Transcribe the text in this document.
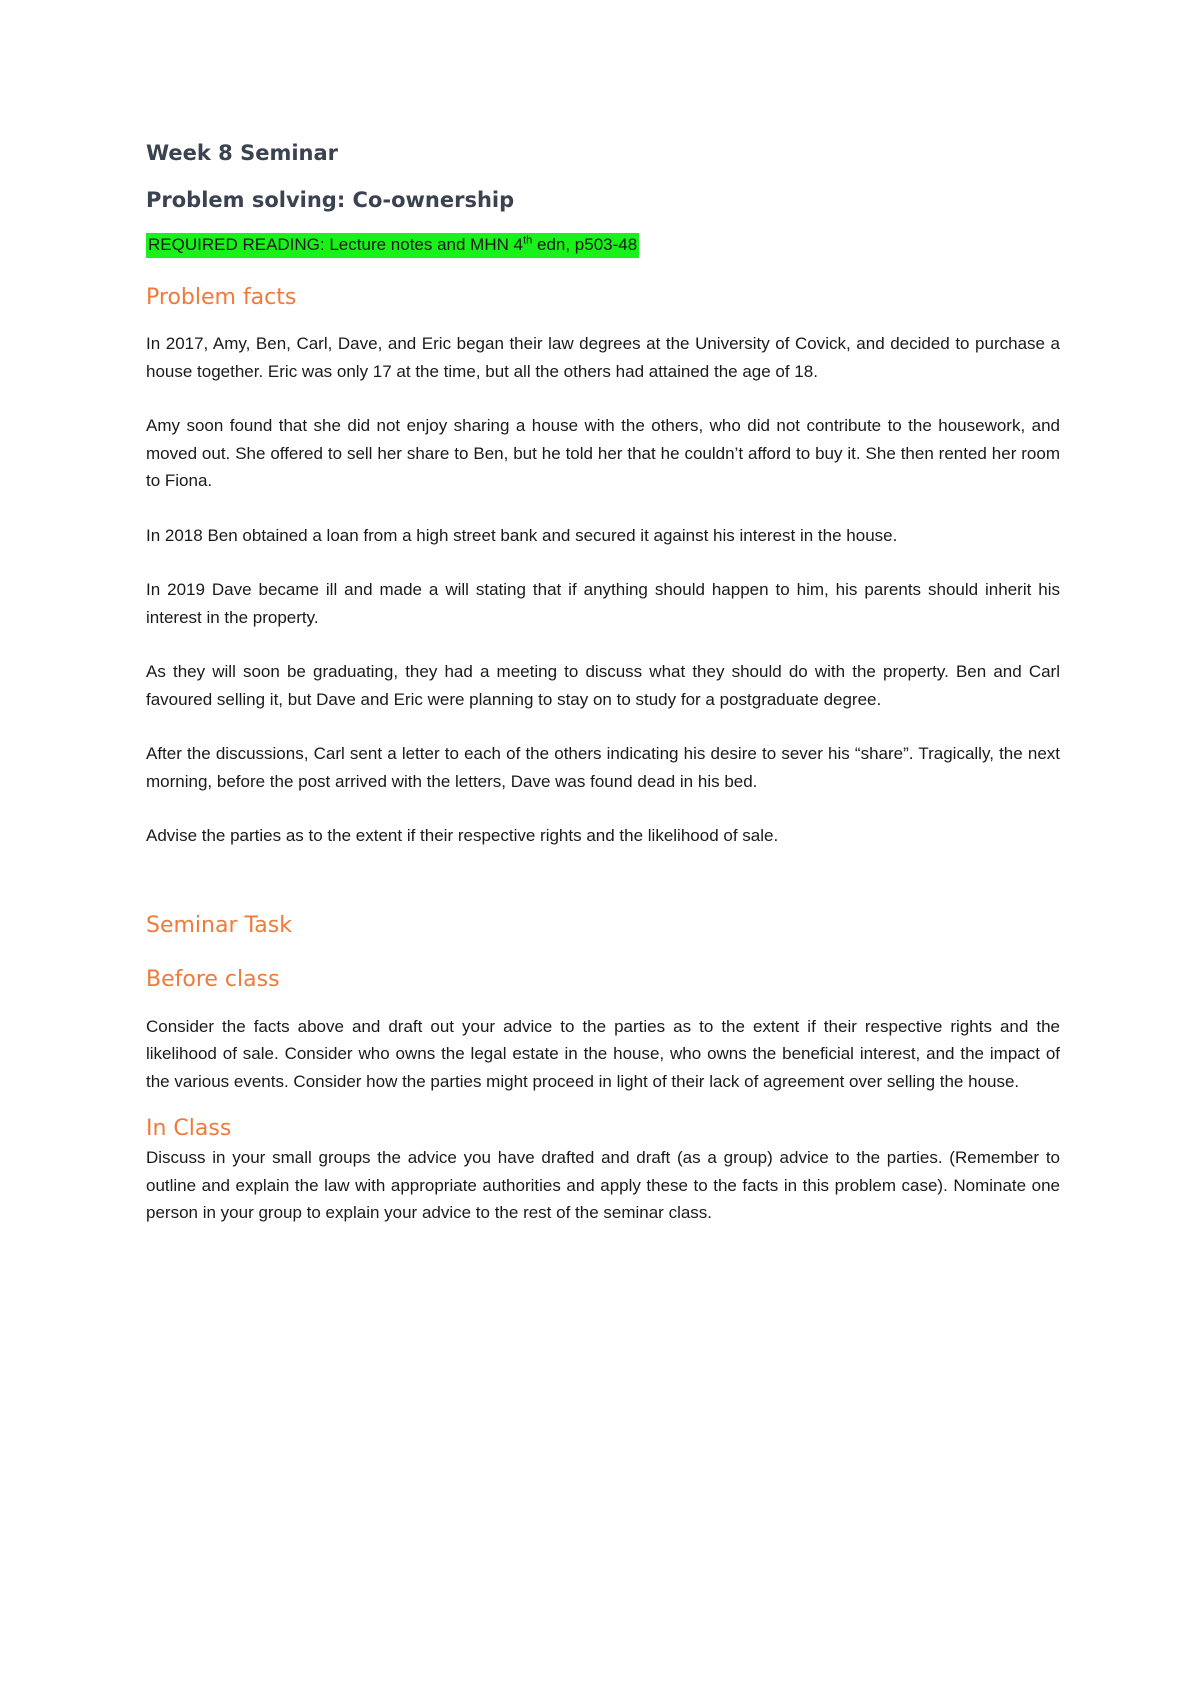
Week 8 Seminar
Problem solving: Co-ownership
REQUIRED READING: Lecture notes and MHN 4th edn, p503-48
Problem facts

In 2017, Amy, Ben, Carl, Dave, and Eric began their law degrees at the University of Covick, and decided to purchase a house together. Eric was only 17 at the time, but all the others had attained the age of 18.

Amy soon found that she did not enjoy sharing a house with the others, who did not contribute to the housework, and moved out. She offered to sell her share to Ben, but he told her that he couldn’t afford to buy it. She then rented her room to Fiona.

In 2018 Ben obtained a loan from a high street bank and secured it against his interest in the house.

In 2019 Dave became ill and made a will stating that if anything should happen to him, his parents should inherit his interest in the property.

As they will soon be graduating, they had a meeting to discuss what they should do with the property. Ben and Carl favoured selling it, but Dave and Eric were planning to stay on to study for a postgraduate degree.

After the discussions, Carl sent a letter to each of the others indicating his desire to sever his “share”. Tragically, the next morning, before the post arrived with the letters, Dave was found dead in his bed.

Advise the parties as to the extent if their respective rights and the likelihood of sale.

Seminar Task
Before class

Consider the facts above and draft out your advice to the parties as to the extent if their respective rights and the likelihood of sale. Consider who owns the legal estate in the house, who owns the beneficial interest, and the impact of the various events. Consider how the parties might proceed in light of their lack of agreement over selling the house.

In Class

Discuss in your small groups the advice you have drafted and draft (as a group) advice to the parties. (Remember to outline and explain the law with appropriate authorities and apply these to the facts in this problem case). Nominate one person in your group to explain your advice to the rest of the seminar class.
